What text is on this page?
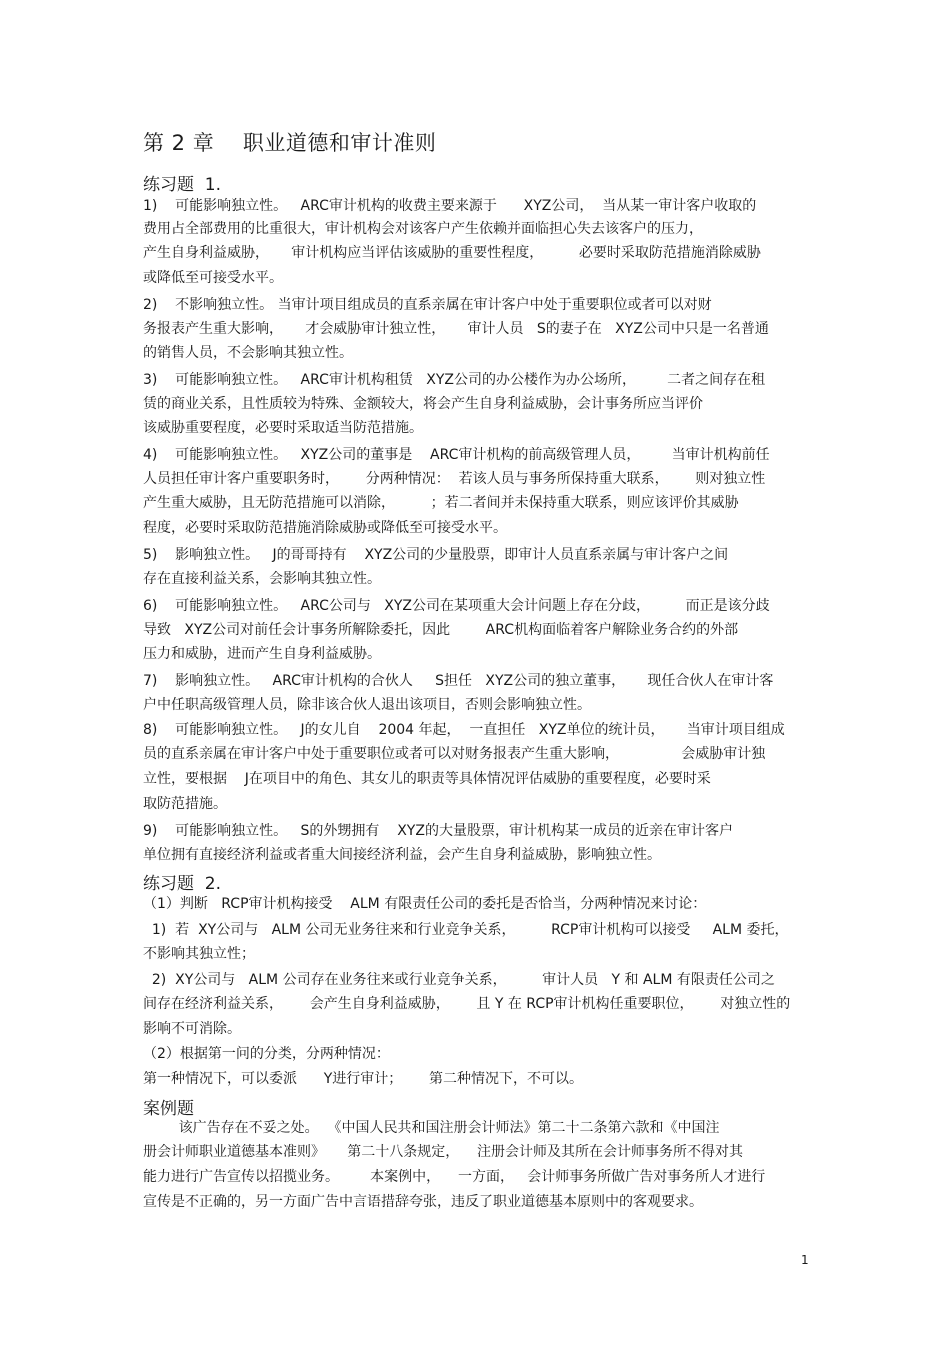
第 2 章    职业道德和审计准则
练习题  1.
1)    可能影响独立性。   ARC审计机构的收费主要来源于      XYZ公司，  当从某一审计客户收取的
费用占全部费用的比重很大，审计机构会对该客户产生依赖并面临担心失去该客户的压力，
产生自身利益威胁，     审计机构应当评估该威胁的重要性程度，        必要时采取防范措施消除威胁
或降低至可接受水平。
2)    不影响独立性。 当审计项目组成员的直系亲属在审计客户中处于重要职位或者可以对财
务报表产生重大影响，     才会威胁审计独立性，     审计人员   S的妻子在   XYZ公司中只是一名普通
的销售人员，不会影响其独立性。
3)    可能影响独立性。   ARC审计机构租赁   XYZ公司的办公楼作为办公场所，       二者之间存在租
赁的商业关系，且性质较为特殊、金额较大，将会产生自身利益威胁，会计事务所应当评价
该威胁重要程度，必要时采取适当防范措施。
4)    可能影响独立性。   XYZ公司的董事是    ARC审计机构的前高级管理人员，       当审计机构前任
人员担任审计客户重要职务时，      分两种情况：  若该人员与事务所保持重大联系，      则对独立性
产生重大威胁，且无防范措施可以消除，        ；若二者间并未保持重大联系，则应该评价其威胁
程度，必要时采取防范措施消除威胁或降低至可接受水平。
5)    影响独立性。   J的哥哥持有    XYZ公司的少量股票，即审计人员直系亲属与审计客户之间
存在直接利益关系，会影响其独立性。
6)    可能影响独立性。   ARC公司与   XYZ公司在某项重大会计问题上存在分歧，        而正是该分歧
导致   XYZ公司对前任会计事务所解除委托，因此        ARC机构面临着客户解除业务合约的外部
压力和威胁，进而产生自身利益威胁。
7)    影响独立性。   ARC审计机构的合伙人     S担任   XYZ公司的独立董事，     现任合伙人在审计客
户中任职高级管理人员，除非该合伙人退出该项目，否则会影响独立性。
8)    可能影响独立性。   J的女儿自    2004 年起，  一直担任   XYZ单位的统计员，     当审计项目组成
员的直系亲属在审计客户中处于重要职位或者可以对财务报表产生重大影响，              会威胁审计独
立性，要根据    J在项目中的角色、其女儿的职责等具体情况评估威胁的重要程度，必要时采
取防范措施。
9)    可能影响独立性。   S的外甥拥有    XYZ的大量股票，审计机构某一成员的近亲在审计客户
单位拥有直接经济利益或者重大间接经济利益，会产生自身利益威胁，影响独立性。
练习题  2.
（1）判断   RCP审计机构接受    ALM 有限责任公司的委托是否恰当，分两种情况来讨论：
1)  若  XY公司与   ALM 公司无业务往来和行业竞争关系，        RCP审计机构可以接受     ALM 委托，
不影响其独立性；
2)  XY公司与   ALM 公司存在业务往来或行业竞争关系，        审计人员   Y 和 ALM 有限责任公司之
间存在经济利益关系，      会产生自身利益威胁，      且 Y 在 RCP审计机构任重要职位，      对独立性的
影响不可消除。
（2）根据第一问的分类，分两种情况：
第一种情况下，可以委派      Y进行审计；      第二种情况下，不可以。
案例题
该广告存在不妥之处。  《中国人民共和国注册会计师法》第二十二条第六款和《中国注
册会计师职业道德基本准则》     第二十八条规定，    注册会计师及其所在会计师事务所不得对其
能力进行广告宣传以招揽业务。       本案例中，    一方面，   会计师事务所做广告对事务所人才进行
宣传是不正确的，另一方面广告中言语措辞夸张，违反了职业道德基本原则中的客观要求。
1
